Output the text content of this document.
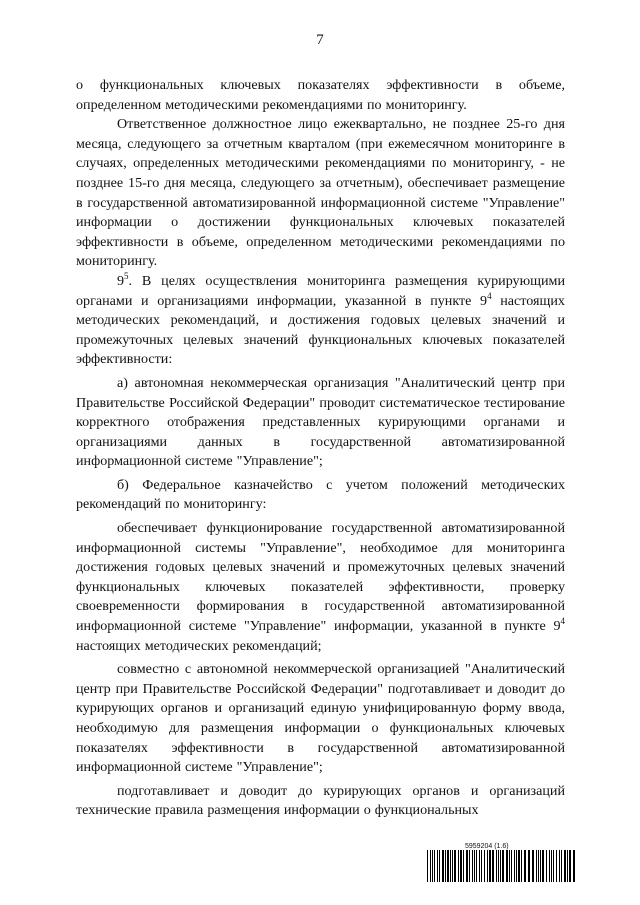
7

о функциональных ключевых показателях эффективности в объеме, определенном методическими рекомендациями по мониторингу.

Ответственное должностное лицо ежеквартально, не позднее 25-го дня месяца, следующего за отчетным кварталом (при ежемесячном мониторинге в случаях, определенных методическими рекомендациями по мониторингу, - не позднее 15-го дня месяца, следующего за отчетным), обеспечивает размещение в государственной автоматизированной информационной системе "Управление" информации о достижении функциональных ключевых показателей эффективности в объеме, определенном методическими рекомендациями по мониторингу.

$9^5$. В целях осуществления мониторинга размещения курирующими органами и организациями информации, указанной в пункте $9^4$ настоящих методических рекомендаций, и достижения годовых целевых значений и промежуточных целевых значений функциональных ключевых показателей эффективности:

а) автономная некоммерческая организация "Аналитический центр при Правительстве Российской Федерации" проводит систематическое тестирование корректного отображения представленных курирующими органами и организациями данных в государственной автоматизированной информационной системе "Управление";

б) Федеральное казначейство с учетом положений методических рекомендаций по мониторингу:

обеспечивает функционирование государственной автоматизированной информационной системы "Управление", необходимое для мониторинга достижения годовых целевых значений и промежуточных целевых значений функциональных ключевых показателей эффективности, проверку своевременности формирования в государственной автоматизированной информационной системе "Управление" информации, указанной в пункте $9^4$ настоящих методических рекомендаций;

совместно с автономной некоммерческой организацией "Аналитический центр при Правительстве Российской Федерации" подготавливает и доводит до курирующих органов и организаций единую унифицированную форму ввода, необходимую для размещения информации о функциональных ключевых показателях эффективности в государственной автоматизированной информационной системе "Управление";

подготавливает и доводит до курирующих органов и организаций технические правила размещения информации о функциональных

5959204 (1.6)
